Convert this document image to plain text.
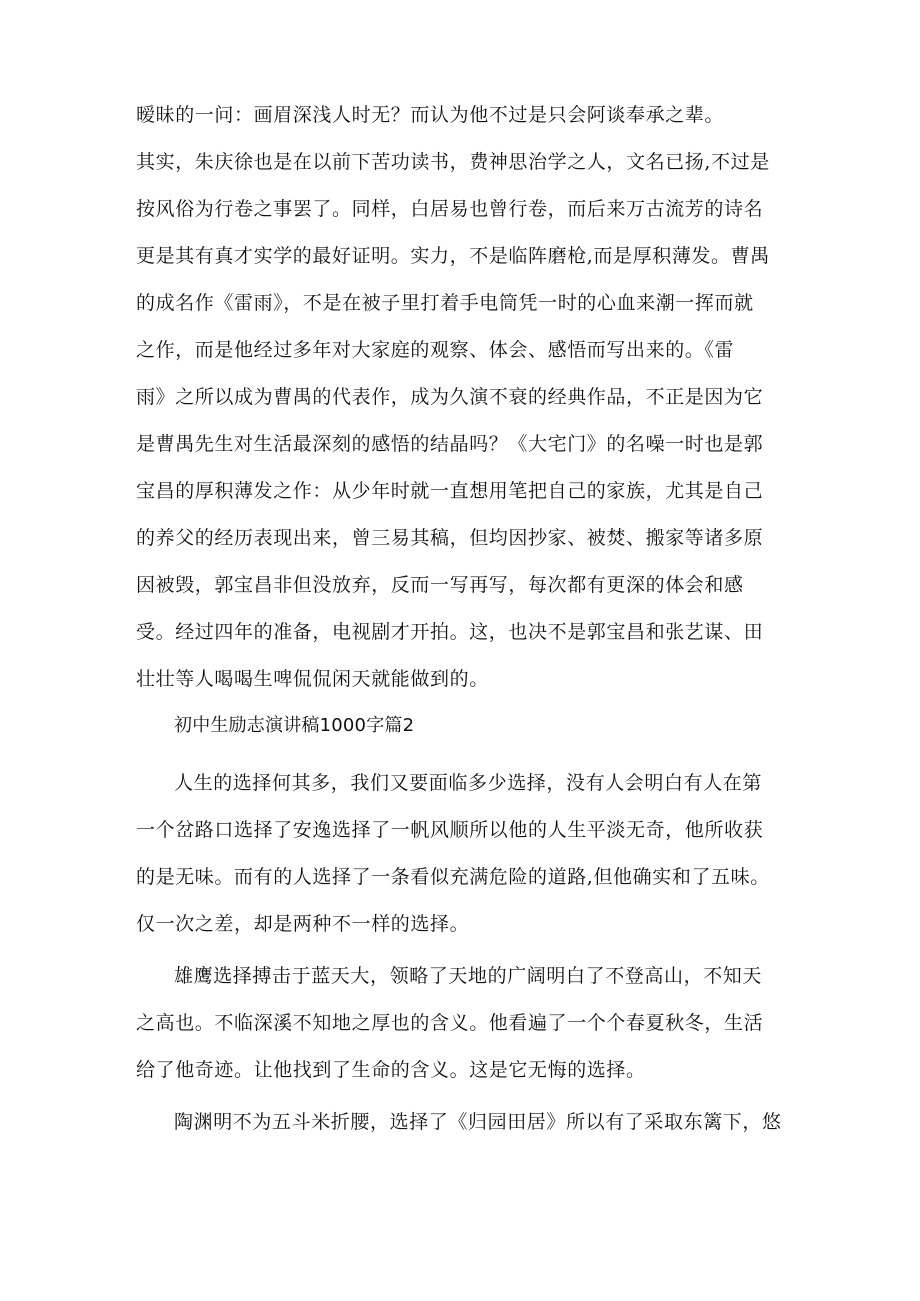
暧昧的一问：画眉深浅人时无？而认为他不过是只会阿谈奉承之辈。
其实，朱庆徐也是在以前下苦功读书，费神思治学之人，文名已扬,不过是
按风俗为行卷之事罢了。同样，白居易也曾行卷，而后来万古流芳的诗名
更是其有真才实学的最好证明。实力，不是临阵磨枪,而是厚积薄发。曹禺
的成名作《雷雨》，不是在被子里打着手电筒凭一时的心血来潮一挥而就
之作，而是他经过多年对大家庭的观察、体会、感悟而写出来的。《雷
雨》之所以成为曹禺的代表作，成为久演不衰的经典作品，不正是因为它
是曹禺先生对生活最深刻的感悟的结晶吗？《大宅门》的名噪一时也是郭
宝昌的厚积薄发之作：从少年时就一直想用笔把自己的家族，尤其是自己
的养父的经历表现出来，曾三易其稿，但均因抄家、被焚、搬家等诸多原
因被毁，郭宝昌非但没放弃，反而一写再写，每次都有更深的体会和感
受。经过四年的准备，电视剧才开拍。这，也决不是郭宝昌和张艺谋、田
壮壮等人喝喝生啤侃侃闲天就能做到的。
初中生励志演讲稿1000字篇2
人生的选择何其多，我们又要面临多少选择，没有人会明白有人在第
一个岔路口选择了安逸选择了一帆风顺所以他的人生平淡无奇，他所收获
的是无味。而有的人选择了一条看似充满危险的道路,但他确实和了五味。
仅一次之差，却是两种不一样的选择。
雄鹰选择搏击于蓝天大，领略了天地的广阔明白了不登高山，不知天
之高也。不临深溪不知地之厚也的含义。他看遍了一个个春夏秋冬，生活
给了他奇迹。让他找到了生命的含义。这是它无悔的选择。
陶渊明不为五斗米折腰，选择了《归园田居》所以有了采取东篱下，悠
